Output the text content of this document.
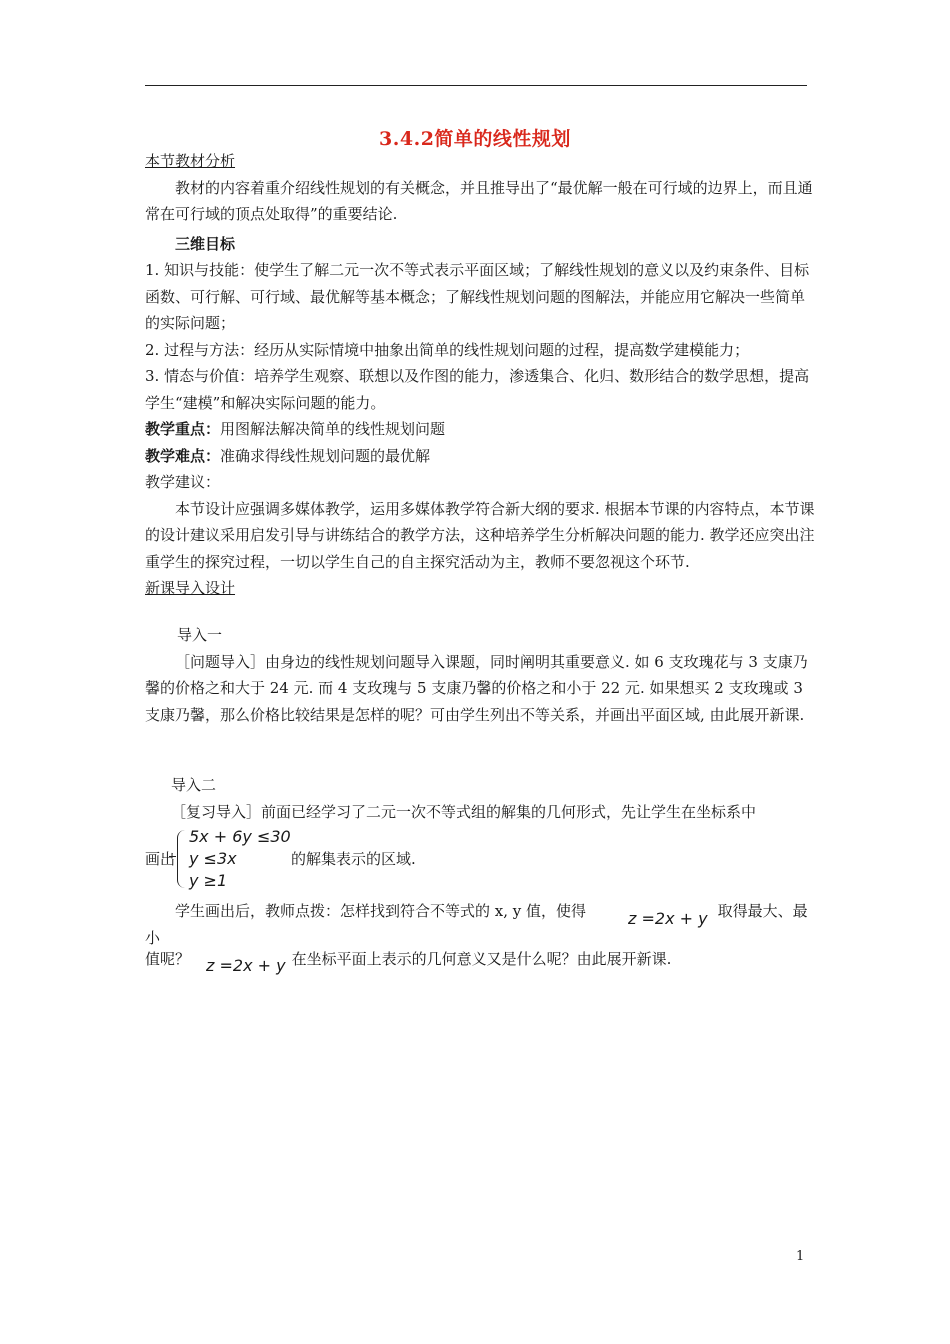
3.4.2简单的线性规划

本节教材分析

教材的内容着重介绍线性规划的有关概念，并且推导出了“最优解一般在可行域的边界上，而且通常在可行域的顶点处取得”的重要结论.

三维目标

1. 知识与技能：使学生了解二元一次不等式表示平面区域；了解线性规划的意义以及约束条件、目标函数、可行解、可行域、最优解等基本概念；了解线性规划问题的图解法，并能应用它解决一些简单的实际问题；

2. 过程与方法：经历从实际情境中抽象出简单的线性规划问题的过程，提高数学建模能力；

3. 情态与价值：培养学生观察、联想以及作图的能力，渗透集合、化归、数形结合的数学思想，提高学生“建模”和解决实际问题的能力。

教学重点：用图解法解决简单的线性规划问题

教学难点：准确求得线性规划问题的最优解

教学建议：

本节设计应强调多媒体教学，运用多媒体教学符合新大纲的要求. 根据本节课的内容特点，本节课的设计建议采用启发引导与讲练结合的教学方法，这种培养学生分析解决问题的能力. 教学还应突出注重学生的探究过程，一切以学生自己的自主探究活动为主，教师不要忽视这个环节.

新课导入设计

导入一

［问题导入］由身边的线性规划问题导入课题，同时阐明其重要意义. 如 6 支玫瑰花与 3 支康乃馨的价格之和大于 24 元. 而 4 支玫瑰与 5 支康乃馨的价格之和小于 22 元. 如果想买 2 支玫瑰或 3 支康乃馨，那么价格比较结果是怎样的呢？可由学生列出不等关系，并画出平面区域, 由此展开新课.

导入二

［复习导入］前面已经学习了二元一次不等式组的解集的几何形式，先让学生在坐标系中

画出
5x + 6y ≤30
y ≤3x
y ≥1
的解集表示的区域.

学生画出后，教师点拨：怎样找到符合不等式的 x, y 值，使得	z =2x + y 取得最大、最小

值呢？ z =2x + y 在坐标平面上表示的几何意义又是什么呢？由此展开新课.

1
